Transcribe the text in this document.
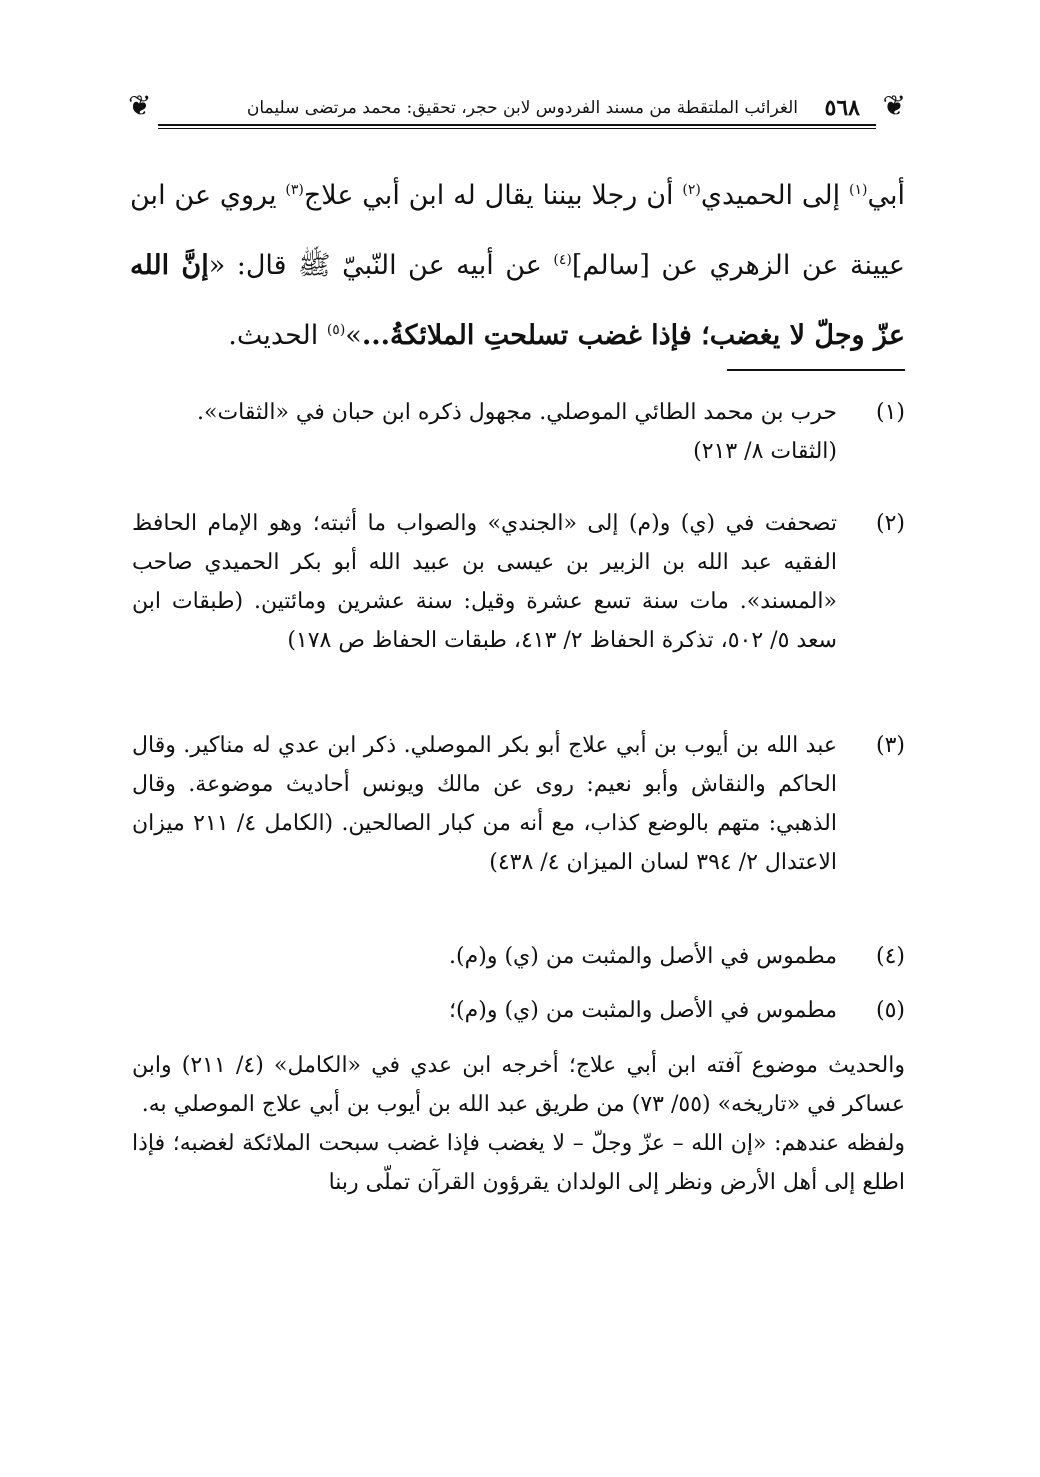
❦
٥٦٨
الغرائب الملتقطة من مسند الفردوس لابن حجر، تحقيق: محمد مرتضى سليمان
❦
أبي$^{(١)}$ إلى الحميدي$^{(٢)}$ أن رجلا بيننا يقال له ابن أبي علاج$^{(٣)}$ يروي عن ابن عيينة عن الزهري عن [سالم]$^{(٤)}$ عن أبيه عن النّبيّ ﷺ قال: «إنَّ الله عزّ وجلّ لا يغضب؛ فإذا غضب تسلحتِ الملائكةُ...»$^{(٥)}$ الحديث.
(١)

حرب بن محمد الطائي الموصلي. مجهول ذكره ابن حبان في «الثقات».

(الثقات ٨/ ٢١٣)

(٢)

تصحفت في (ي) و(م) إلى «الجندي» والصواب ما أثبته؛ وهو الإمام الحافظ الفقيه عبد الله بن الزبير بن عيسى بن عبيد الله أبو بكر الحميدي صاحب «المسند». مات سنة تسع عشرة وقيل: سنة عشرين ومائتين. (طبقات ابن سعد ٥/ ٥٠٢، تذكرة الحفاظ ٢/ ٤١٣، طبقات الحفاظ ص ١٧٨)

(٣)

عبد الله بن أيوب بن أبي علاج أبو بكر الموصلي. ذكر ابن عدي له مناكير. وقال الحاكم والنقاش وأبو نعيم: روى عن مالك ويونس أحاديث موضوعة. وقال الذهبي: متهم بالوضع كذاب، مع أنه من كبار الصالحين. (الكامل ٤/ ٢١١ ميزان الاعتدال ٢/ ٣٩٤ لسان الميزان ٤/ ٤٣٨)

(٤)

مطموس في الأصل والمثبت من (ي) و(م).

(٥)

مطموس في الأصل والمثبت من (ي) و(م)؛

والحديث موضوع آفته ابن أبي علاج؛ أخرجه ابن عدي في «الكامل» (٤/ ٢١١) وابن عساكر في «تاريخه» (٥٥/ ٧٣) من طريق عبد الله بن أيوب بن أبي علاج الموصلي به.

ولفظه عندهم: «إن الله – عزّ وجلّ – لا يغضب فإذا غضب سبحت الملائكة لغضبه؛ فإذا اطلع إلى أهل الأرض ونظر إلى الولدان يقرؤون القرآن تملّى ربنا
